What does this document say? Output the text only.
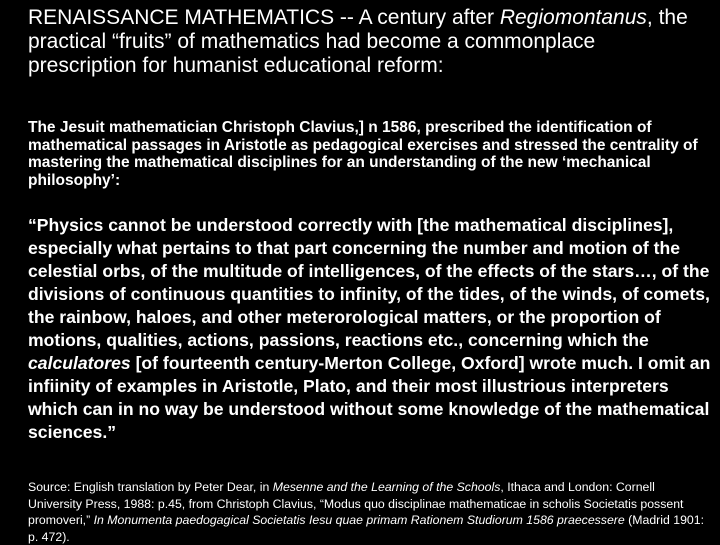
RENAISSANCE MATHEMATICS -- A century after Regiomontanus, the practical “fruits” of mathematics had become a commonplace prescription for humanist educational reform:

The Jesuit mathematician Christoph Clavius,] n 1586, prescribed the identification of mathematical passages in Aristotle as pedagogical exercises and stressed the centrality of mastering the mathematical disciplines for an understanding of the new ‘mechanical philosophy’:

“Physics cannot be understood correctly with [the mathematical disciplines], especially what pertains to that part concerning the number and motion of the celestial orbs, of the multitude of intelligences, of the effects of the stars…, of the divisions of continuous quantities to infinity, of the tides, of the winds, of comets, the rainbow, haloes, and other meterorological matters, or the proportion of motions, qualities, actions, passions, reactions etc., concerning which the calculatores [of fourteenth century-Merton College, Oxford] wrote much. I omit an infiinity of examples in Aristotle, Plato, and their most illustrious interpreters which can in no way be understood without some knowledge of the mathematical sciences.”

Source: English translation by Peter Dear, in Mesenne and the Learning of the Schools, Ithaca and London: Cornell University Press, 1988: p.45, from Christoph Clavius, “Modus quo disciplinae mathematicae in scholis Societatis possent promoveri,” In Monumenta paedogagical Societatis Iesu quae primam Rationem Studiorum 1586 praecessere (Madrid 1901: p. 472).
